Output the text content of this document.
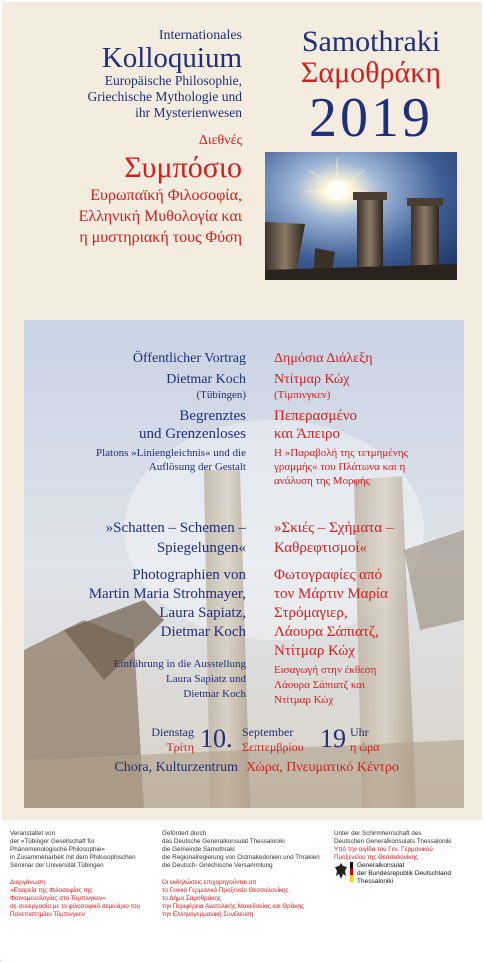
Internationales
Kolloquium
Europäische Philosophie,
Griechische Mythologie und
ihr Mysterienwesen
Διεθνές
Συμπόσιο
Ευρωπαϊκή Φιλοσοφία,
Ελληνική Μυθολογία και
η μυστηριακή τους Φύση
Samothraki
Σαμοθράκη
2019
Öffentlicher Vortrag
Dietmar Koch
(Tübingen)
Begrenztes
und Grenzenloses
Platons »Liniengleichnis« und die
Auflösung der Gestalt
»Schatten – Schemen –
Spiegelungen«
Photographien von
Martin Maria Strohmayer,
Laura Sapiatz,
Dietmar Koch
Einführung in die Ausstellung
Laura Sapiatz und
Dietmar Koch
Δημόσια Διάλεξη
Ντίτμαρ Κώχ
(Τίμπινγκεν)
Πεπερασμένο
και Άπειρο
Η »Παραβολή της τετμημένης
γραμμής« του Πλάτωνα και η
ανάλυση της Μορφής
»Σκιές – Σχήματα –
Καθρεφτισμοί«
Φωτογραφίες από
τον Μάρτιν Μαρία
Στρόμαγιερ,
Λάουρα Σάπιατζ,
Ντίτμαρ Κώχ
Εισαγωγή στην έκθεση
Λάουρα Σάπιατζ και
Ντίτμαρ Κώχ
Dienstag
Τρίτη 10. September
Σεπτεμβρίου 19 Uhr
η ώρα
Chora, Kulturzentrum Χώρα, Πνευματικό Κέντρο
Veranstaltet von
der »Tübinger Gesellschaft für
Phänomenologische Philosophie«
in Zusammenarbeit mit dem Philosophischen
Seminar der Universität Tübingen
Διοργάνωση:
»Εταιρεία της Φιλοσοφίας της
Φαινομενολογίας στο Τύμπινγκεν«
σε συνεργασία με το φιλοσοφικό σεμινάριο του
Πανεπιστημίου Τύμπινγκεν
Gefördert durch
das Deutsche Generalkonsulat Thessaloniki
die Gemeinde Samothraki
die Regionalregierung von Ostmakedonien und Thrakien
die Deutsch- Griechische Versammlung
Οι εκδηλώσεις επιχορηγούνται απ
το Γενικό Γερμανικό Προξενείο Θεσσαλονίκης
το Δήμο Σαμοθράκης
την Περιφέρεια Ανατολικής Μακεδονίας και Θράκης
την Ελληνογερμανική Συνέλευση
Unter der Schirmherrschaft des
Deutschen Generalkonsulats Thessaloniki
Υπό την αιγίδα του Γεν. Γερμανικού
Προξενείου της Θεσσαλονίκης
Generalkonsulat
der Bundesrepublik Deutschland
Thessaloniki
